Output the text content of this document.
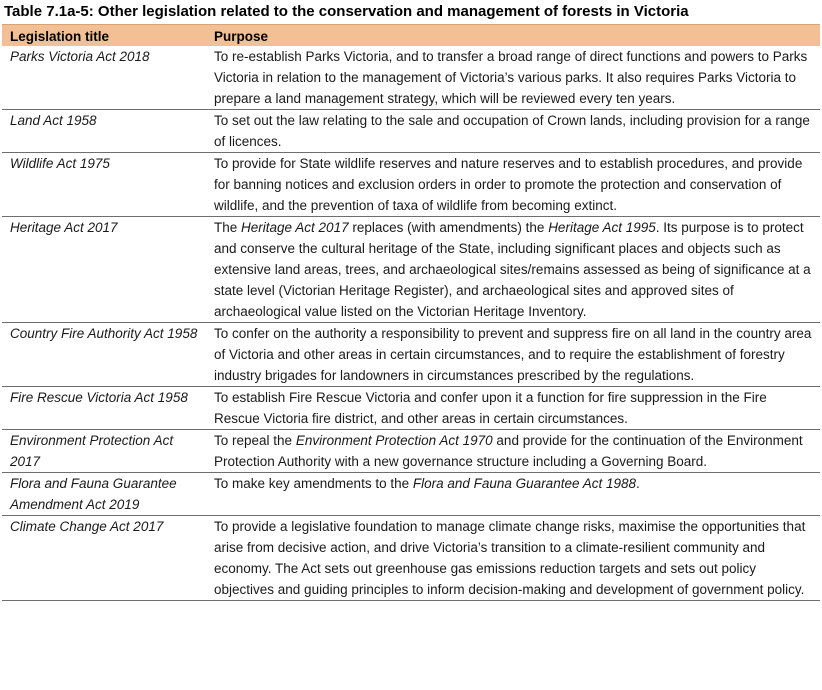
Table 7.1a-5: Other legislation related to the conservation and management of forests in Victoria
Legislation title	Purpose
Parks Victoria Act 2018	To re-establish Parks Victoria, and to transfer a broad range of direct functions and powers to Parks Victoria in relation to the management of Victoria’s various parks. It also requires Parks Victoria to prepare a land management strategy, which will be reviewed every ten years.
Land Act 1958	To set out the law relating to the sale and occupation of Crown lands, including provision for a range of licences.
Wildlife Act 1975	To provide for State wildlife reserves and nature reserves and to establish procedures, and provide for banning notices and exclusion orders in order to promote the protection and conservation of wildlife, and the prevention of taxa of wildlife from becoming extinct.
Heritage Act 2017	The Heritage Act 2017 replaces (with amendments) the Heritage Act 1995. Its purpose is to protect and conserve the cultural heritage of the State, including significant places and objects such as extensive land areas, trees, and archaeological sites/remains assessed as being of significance at a state level (Victorian Heritage Register), and archaeological sites and approved sites of archaeological value listed on the Victorian Heritage Inventory.
Country Fire Authority Act 1958	To confer on the authority a responsibility to prevent and suppress fire on all land in the country area of Victoria and other areas in certain circumstances, and to require the establishment of forestry industry brigades for landowners in circumstances prescribed by the regulations.
Fire Rescue Victoria Act 1958	To establish Fire Rescue Victoria and confer upon it a function for fire suppression in the Fire Rescue Victoria fire district, and other areas in certain circumstances.
Environment Protection Act 2017	To repeal the Environment Protection Act 1970 and provide for the continuation of the Environment Protection Authority with a new governance structure including a Governing Board.
Flora and Fauna Guarantee Amendment Act 2019	To make key amendments to the Flora and Fauna Guarantee Act 1988.
Climate Change Act 2017	To provide a legislative foundation to manage climate change risks, maximise the opportunities that arise from decisive action, and drive Victoria’s transition to a climate-resilient community and economy. The Act sets out greenhouse gas emissions reduction targets and sets out policy objectives and guiding principles to inform decision-making and development of government policy.
